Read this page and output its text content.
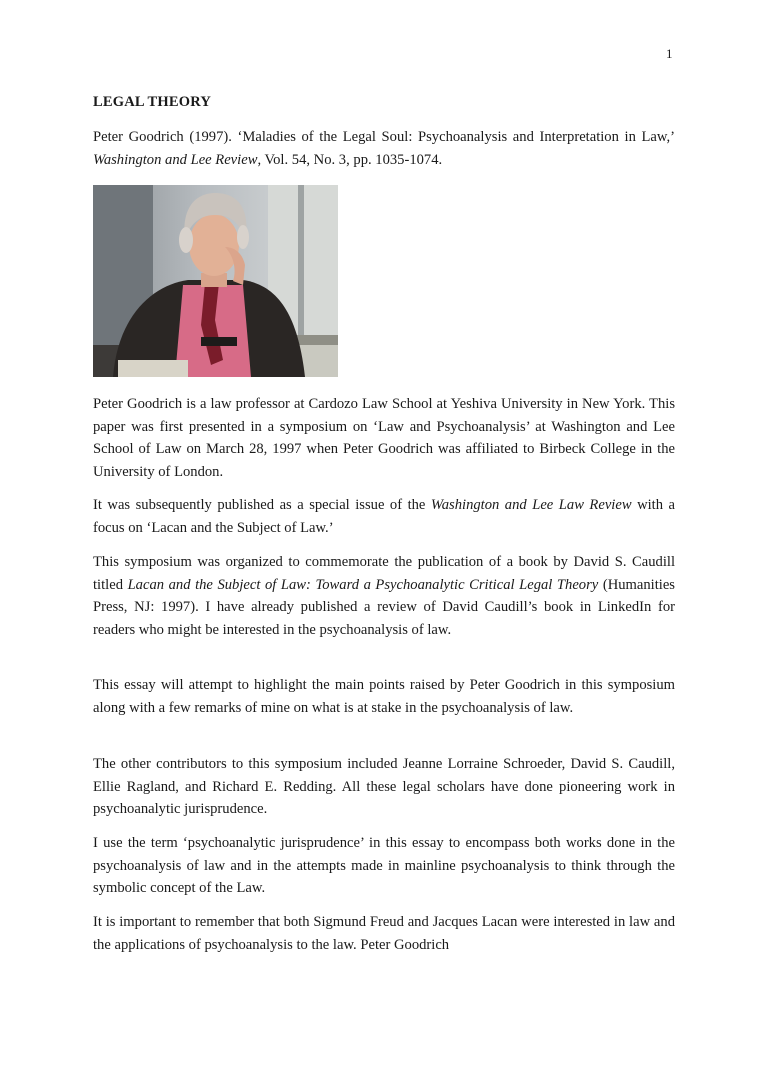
1
LEGAL THEORY

Peter Goodrich (1997). ‘Maladies of the Legal Soul: Psychoanalysis and Interpretation in Law,’ Washington and Lee Review, Vol. 54, No. 3, pp. 1035-1074.

Peter Goodrich is a law professor at Cardozo Law School at Yeshiva University in New York. This paper was first presented in a symposium on ‘Law and Psychoanalysis’ at Washington and Lee School of Law on March 28, 1997 when Peter Goodrich was affiliated to Birbeck College in the University of London.

It was subsequently published as a special issue of the Washington and Lee Law Review with a focus on ‘Lacan and the Subject of Law.’

This symposium was organized to commemorate the publication of a book by David S. Caudill titled Lacan and the Subject of Law: Toward a Psychoanalytic Critical Legal Theory (Humanities Press, NJ: 1997). I have already published a review of David Caudill’s book in LinkedIn for readers who might be interested in the psychoanalysis of law.

This essay will attempt to highlight the main points raised by Peter Goodrich in this symposium along with a few remarks of mine on what is at stake in the psychoanalysis of law.

The other contributors to this symposium included Jeanne Lorraine Schroeder, David S. Caudill, Ellie Ragland, and Richard E. Redding. All these legal scholars have done pioneering work in psychoanalytic jurisprudence.

I use the term ‘psychoanalytic jurisprudence’ in this essay to encompass both works done in the psychoanalysis of law and in the attempts made in mainline psychoanalysis to think through the symbolic concept of the Law.

It is important to remember that both Sigmund Freud and Jacques Lacan were interested in law and the applications of psychoanalysis to the law. Peter Goodrich
